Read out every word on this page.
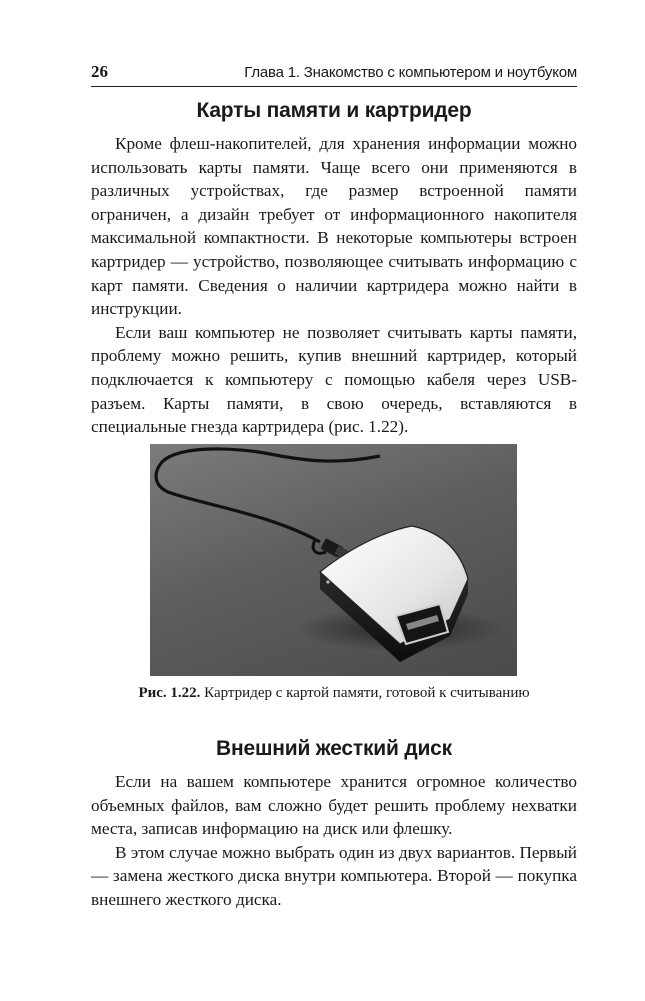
26	Глава 1. Знакомство с компьютером и ноутбуком
Карты памяти и картридер

Кроме флеш-накопителей, для хранения информации можно использовать карты памяти. Чаще всего они применяются в различных устройствах, где размер встроенной памяти ограничен, а дизайн требует от информационного накопителя максимальной компактности. В некоторые компьютеры встроен картридер — устройство, позволяющее считывать информацию с карт памяти. Сведения о наличии картридера можно найти в инструкции.

Если ваш компьютер не позволяет считывать карты памяти, проблему можно решить, купив внешний картридер, который подключается к компьютеру с помощью кабеля через USB-разъем. Карты памяти, в свою очередь, вставляются в специальные гнезда картридера (рис. 1.22).

Рис. 1.22. Картридер с картой памяти, готовой к считыванию
Внешний жесткий диск

Если на вашем компьютере хранится огромное количество объемных файлов, вам сложно будет решить проблему нехватки места, записав информацию на диск или флешку.

В этом случае можно выбрать один из двух вариантов. Первый — замена жесткого диска внутри компьютера. Второй — покупка внешнего жесткого диска.
